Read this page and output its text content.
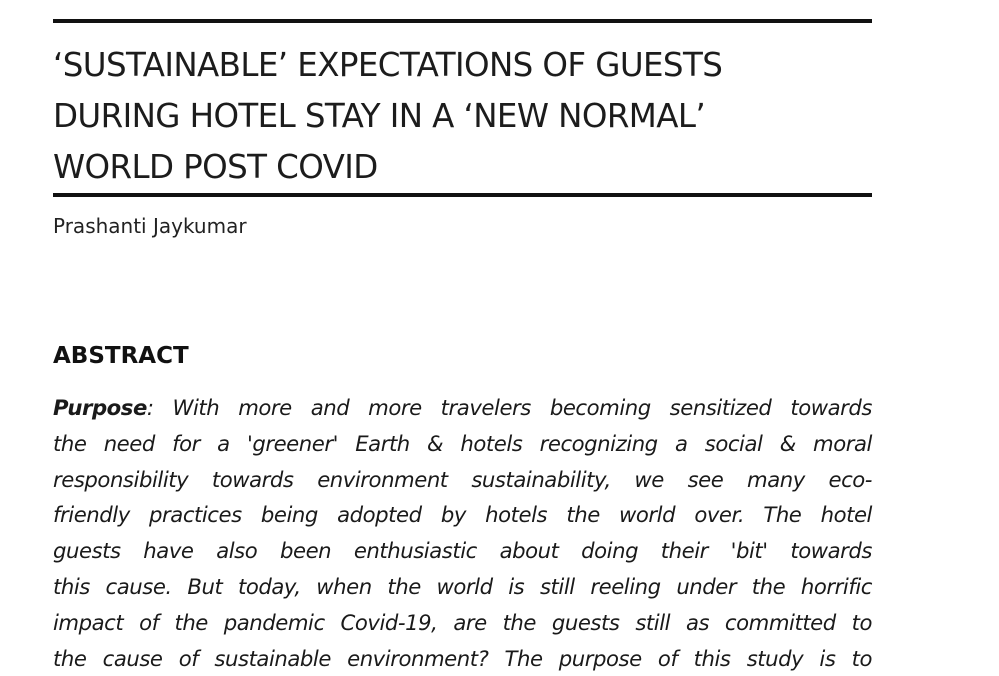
‘SUSTAINABLE’ EXPECTATIONS OF GUESTS
DURING HOTEL STAY IN A ‘NEW NORMAL’
WORLD POST COVID
Prashanti Jaykumar
ABSTRACT
Purpose: With more and more travelers becoming sensitized towards
the need for a 'greener' Earth & hotels recognizing a social & moral
responsibility towards environment sustainability, we see many eco-
friendly practices being adopted by hotels the world over. The hotel
guests have also been enthusiastic about doing their 'bit' towards
this cause. But today, when the world is still reeling under the horrific
impact of the pandemic Covid-19, are the guests still as committed to
the cause of sustainable environment? The purpose of this study is to
